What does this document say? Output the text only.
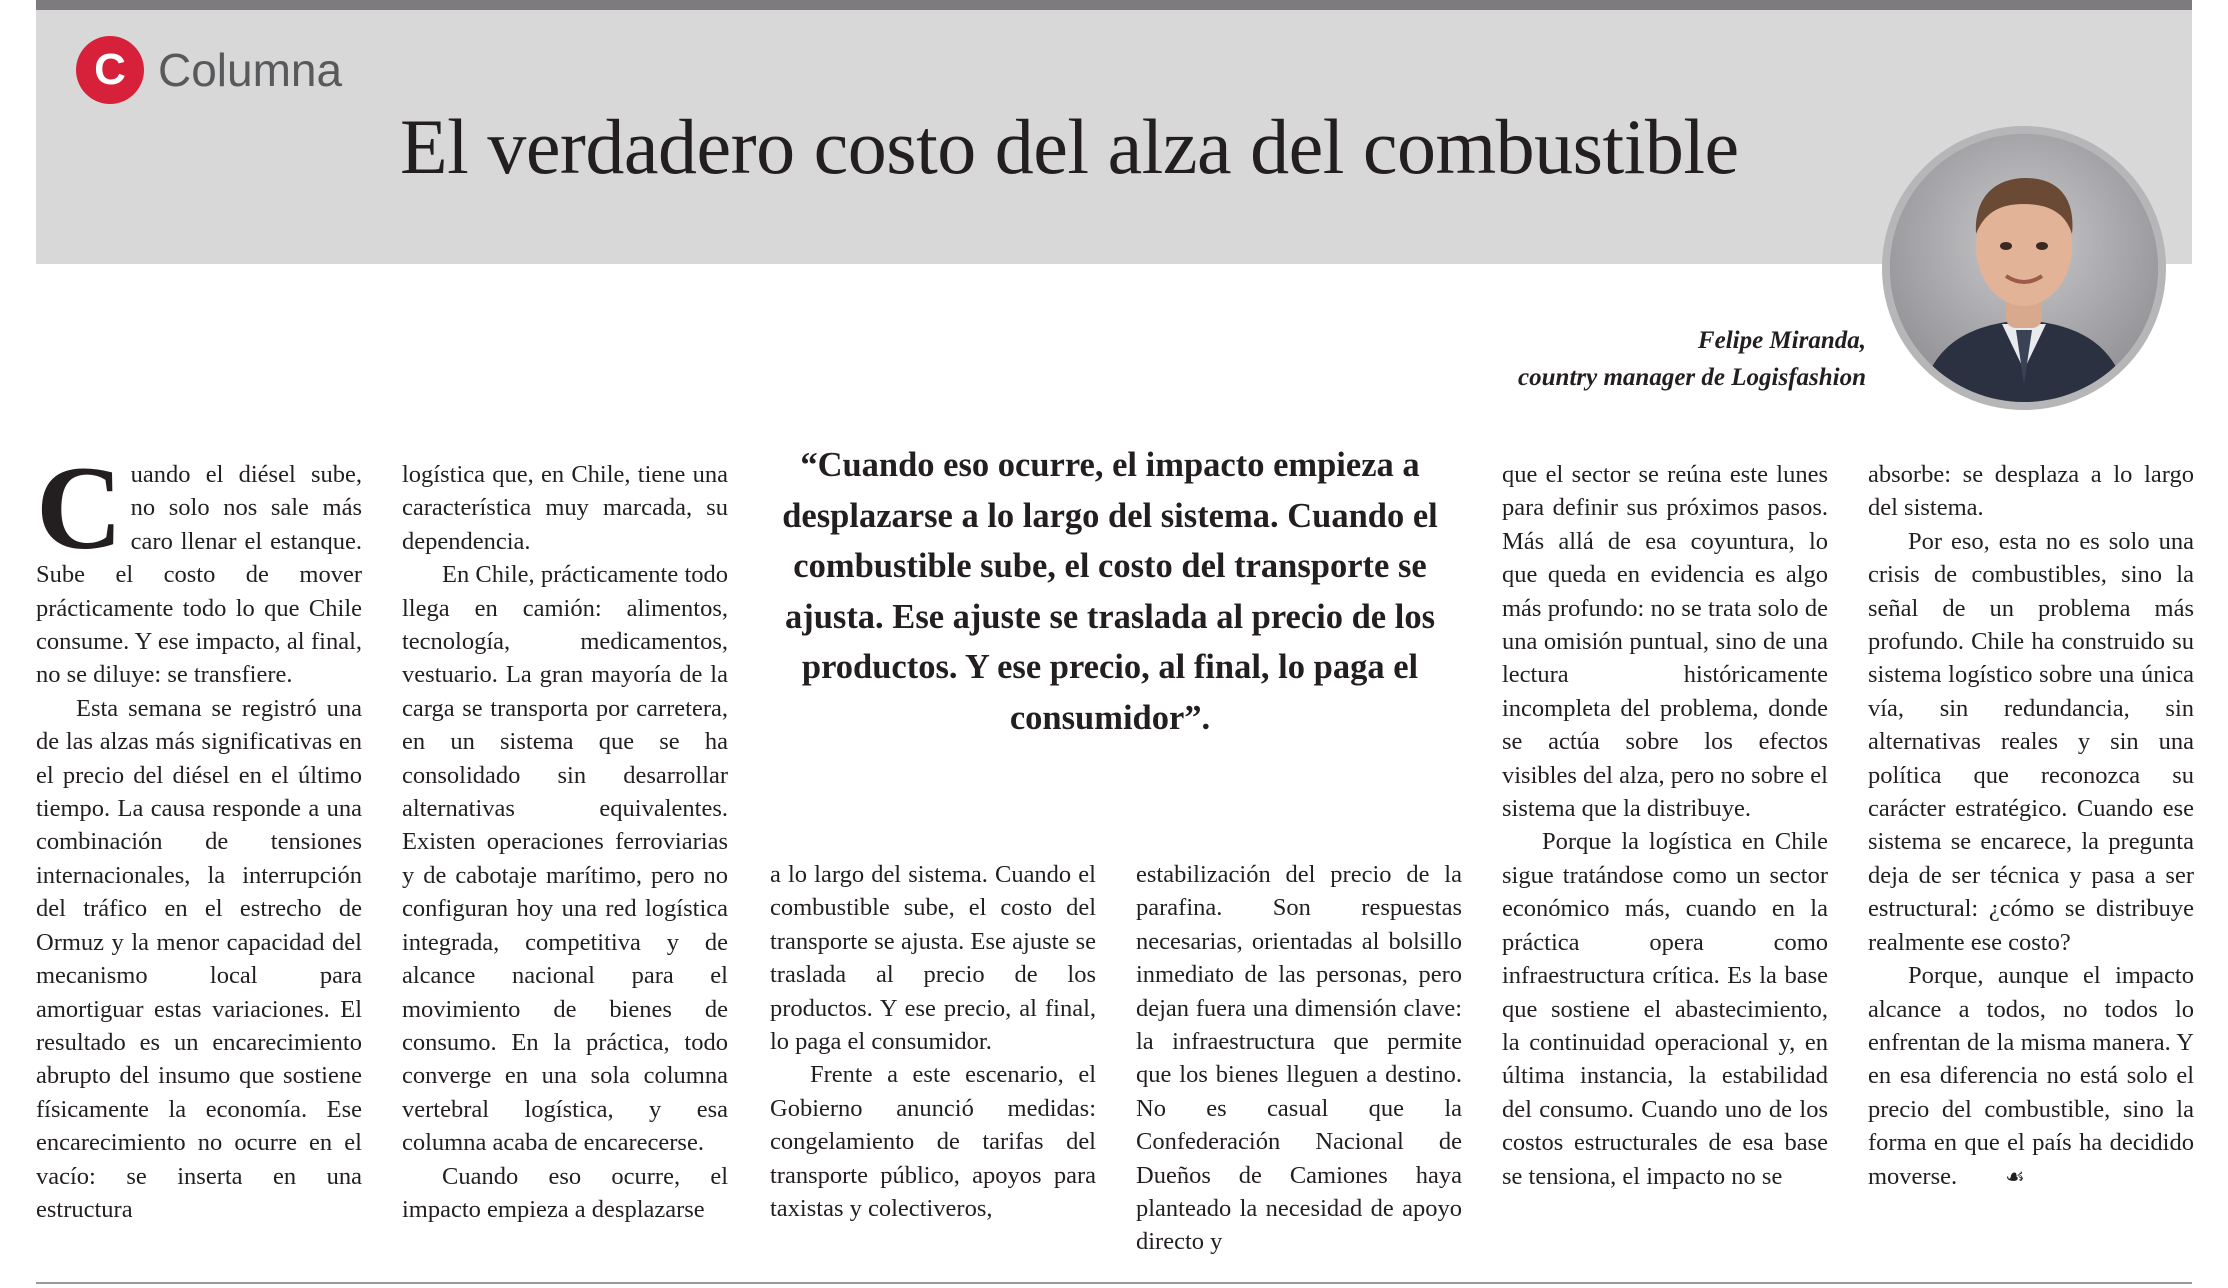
C Columna
El verdadero costo del alza del combustible
Felipe Miranda,
country manager de Logisfashion

Cuando el diésel sube, no solo nos sale más caro llenar el estanque. Sube el costo de mover prácticamente todo lo que Chile consume. Y ese impacto, al final, no se diluye: se transfiere.

Esta semana se registró una de las alzas más significativas en el precio del diésel en el último tiempo. La causa responde a una combinación de tensiones internacionales, la interrupción del tráfico en el estrecho de Ormuz y la menor capacidad del mecanismo local para amortiguar estas variaciones. El resultado es un encarecimiento abrupto del insumo que sostiene físicamente la economía. Ese encarecimiento no ocurre en el vacío: se inserta en una estructura

logística que, en Chile, tiene una característica muy marcada, su dependencia.

En Chile, prácticamente todo llega en camión: alimentos, tecnología, medicamentos, vestuario. La gran mayoría de la carga se transporta por carretera, en un sistema que se ha consolidado sin desarrollar alternativas equivalentes. Existen operaciones ferroviarias y de cabotaje marítimo, pero no configuran hoy una red logística integrada, competitiva y de alcance nacional para el movimiento de bienes de consumo. En la práctica, todo converge en una sola columna vertebral logística, y esa columna acaba de encarecerse.

Cuando eso ocurre, el impacto empieza a desplazarse

“Cuando eso ocurre, el impacto empieza a desplazarse a lo largo del sistema. Cuando el combustible sube, el costo del transporte se ajusta. Ese ajuste se traslada al precio de los productos. Y ese precio, al final, lo paga el consumidor”.

a lo largo del sistema. Cuando el combustible sube, el costo del transporte se ajusta. Ese ajuste se traslada al precio de los productos. Y ese precio, al final, lo paga el consumidor.

Frente a este escenario, el Gobierno anunció medidas: congelamiento de tarifas del transporte público, apoyos para taxistas y colectiveros,

estabilización del precio de la parafina. Son respuestas necesarias, orientadas al bolsillo inmediato de las personas, pero dejan fuera una dimensión clave: la infraestructura que permite que los bienes lleguen a destino. No es casual que la Confederación Nacional de Dueños de Camiones haya planteado la necesidad de apoyo directo y

que el sector se reúna este lunes para definir sus próximos pasos. Más allá de esa coyuntura, lo que queda en evidencia es algo más profundo: no se trata solo de una omisión puntual, sino de una lectura históricamente incompleta del problema, donde se actúa sobre los efectos visibles del alza, pero no sobre el sistema que la distribuye.

Porque la logística en Chile sigue tratándose como un sector económico más, cuando en la práctica opera como infraestructura crítica. Es la base que sostiene el abastecimiento, la continuidad operacional y, en última instancia, la estabilidad del consumo. Cuando uno de los costos estructurales de esa base se tensiona, el impacto no se

absorbe: se desplaza a lo largo del sistema.

Por eso, esta no es solo una crisis de combustibles, sino la señal de un problema más profundo. Chile ha construido su sistema logístico sobre una única vía, sin redundancia, sin alternativas reales y sin una política que reconozca su carácter estratégico. Cuando ese sistema se encarece, la pregunta deja de ser técnica y pasa a ser estructural: ¿cómo se distribuye realmente ese costo?

Porque, aunque el impacto alcance a todos, no todos lo enfrentan de la misma manera. Y en esa diferencia no está solo el precio del combustible, sino la forma en que el país ha decidido moverse. ☙
